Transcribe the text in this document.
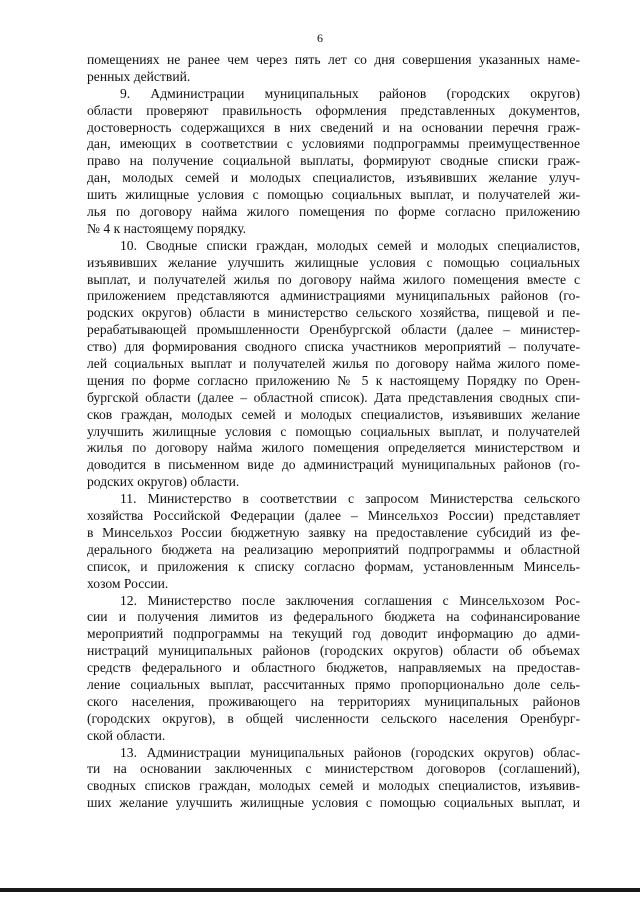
6
помещениях не ранее чем через пять лет со дня совершения указанных наме-
ренных действий.
9. Администрации муниципальных районов (городских округов)
области проверяют правильность оформления представленных документов,
достоверность содержащихся в них сведений и на основании перечня граж-
дан, имеющих в соответствии с условиями подпрограммы преимущественное
право на получение социальной выплаты, формируют сводные списки граж-
дан, молодых семей и молодых специалистов, изъявивших желание улуч-
шить жилищные условия с помощью социальных выплат, и получателей жи-
лья по договору найма жилого помещения по форме согласно приложению
№ 4 к настоящему порядку.
10. Сводные списки граждан, молодых семей и молодых специалистов,
изъявивших желание улучшить жилищные условия с помощью социальных
выплат, и получателей жилья по договору найма жилого помещения вместе с
приложением представляются администрациями муниципальных районов (го-
родских округов) области в министерство сельского хозяйства, пищевой и пе-
рерабатывающей промышленности Оренбургской области (далее – министер-
ство) для формирования сводного списка участников мероприятий – получате-
лей социальных выплат и получателей жилья по договору найма жилого поме-
щения по форме согласно приложению № 5 к настоящему Порядку по Орен-
бургской области (далее – областной список). Дата представления сводных спи-
сков граждан, молодых семей и молодых специалистов, изъявивших желание
улучшить жилищные условия с помощью социальных выплат, и получателей
жилья по договору найма жилого помещения определяется министерством и
доводится в письменном виде до администраций муниципальных районов (го-
родских округов) области.
11. Министерство в соответствии с запросом Министерства сельского
хозяйства Российской Федерации (далее – Минсельхоз России) представляет
в Минсельхоз России бюджетную заявку на предоставление субсидий из фе-
дерального бюджета на реализацию мероприятий подпрограммы и областной
список, и приложения к списку согласно формам, установленным Минсель-
хозом России.
12. Министерство после заключения соглашения с Минсельхозом Рос-
сии и получения лимитов из федерального бюджета на софинансирование
мероприятий подпрограммы на текущий год доводит информацию до адми-
нистраций муниципальных районов (городских округов) области об объемах
средств федерального и областного бюджетов, направляемых на предостав-
ление социальных выплат, рассчитанных прямо пропорционально доле сель-
ского населения, проживающего на территориях муниципальных районов
(городских округов), в общей численности сельского населения Оренбург-
ской области.
13. Администрации муниципальных районов (городских округов) облас-
ти на основании заключенных с министерством договоров (соглашений),
сводных списков граждан, молодых семей и молодых специалистов, изъявив-
ших желание улучшить жилищные условия с помощью социальных выплат, и
